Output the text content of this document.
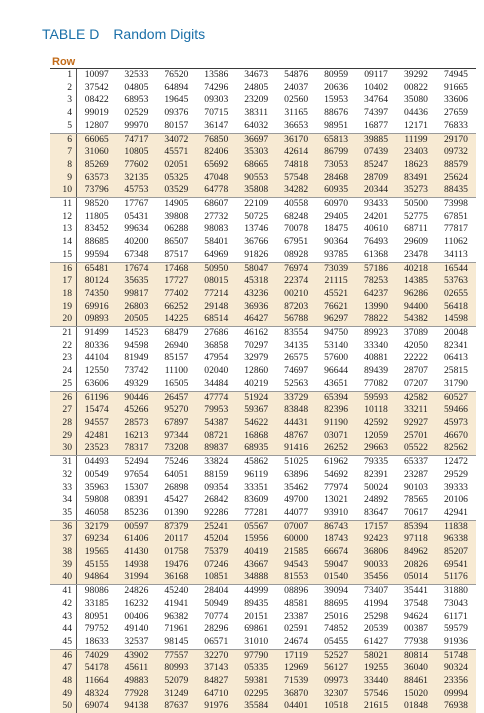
TABLE D Random Digits
Row
1	10097	32533	76520	13586	34673	54876	80959	09117	39292	74945
2	37542	04805	64894	74296	24805	24037	20636	10402	00822	91665
3	08422	68953	19645	09303	23209	02560	15953	34764	35080	33606
4	99019	02529	09376	70715	38311	31165	88676	74397	04436	27659
5	12807	99970	80157	36147	64032	36653	98951	16877	12171	76833
6	66065	74717	34072	76850	36697	36170	65813	39885	11199	29170
7	31060	10805	45571	82406	35303	42614	86799	07439	23403	09732
8	85269	77602	02051	65692	68665	74818	73053	85247	18623	88579
9	63573	32135	05325	47048	90553	57548	28468	28709	83491	25624
10	73796	45753	03529	64778	35808	34282	60935	20344	35273	88435
11	98520	17767	14905	68607	22109	40558	60970	93433	50500	73998
12	11805	05431	39808	27732	50725	68248	29405	24201	52775	67851
13	83452	99634	06288	98083	13746	70078	18475	40610	68711	77817
14	88685	40200	86507	58401	36766	67951	90364	76493	29609	11062
15	99594	67348	87517	64969	91826	08928	93785	61368	23478	34113
16	65481	17674	17468	50950	58047	76974	73039	57186	40218	16544
17	80124	35635	17727	08015	45318	22374	21115	78253	14385	53763
18	74350	99817	77402	77214	43236	00210	45521	64237	96286	02655
19	69916	26803	66252	29148	36936	87203	76621	13990	94400	56418
20	09893	20505	14225	68514	46427	56788	96297	78822	54382	14598
21	91499	14523	68479	27686	46162	83554	94750	89923	37089	20048
22	80336	94598	26940	36858	70297	34135	53140	33340	42050	82341
23	44104	81949	85157	47954	32979	26575	57600	40881	22222	06413
24	12550	73742	11100	02040	12860	74697	96644	89439	28707	25815
25	63606	49329	16505	34484	40219	52563	43651	77082	07207	31790
26	61196	90446	26457	47774	51924	33729	65394	59593	42582	60527
27	15474	45266	95270	79953	59367	83848	82396	10118	33211	59466
28	94557	28573	67897	54387	54622	44431	91190	42592	92927	45973
29	42481	16213	97344	08721	16868	48767	03071	12059	25701	46670
30	23523	78317	73208	89837	68935	91416	26252	29663	05522	82562
31	04493	52494	75246	33824	45862	51025	61962	79335	65337	12472
32	00549	97654	64051	88159	96119	63896	54692	82391	23287	29529
33	35963	15307	26898	09354	33351	35462	77974	50024	90103	39333
34	59808	08391	45427	26842	83609	49700	13021	24892	78565	20106
35	46058	85236	01390	92286	77281	44077	93910	83647	70617	42941
36	32179	00597	87379	25241	05567	07007	86743	17157	85394	11838
37	69234	61406	20117	45204	15956	60000	18743	92423	97118	96338
38	19565	41430	01758	75379	40419	21585	66674	36806	84962	85207
39	45155	14938	19476	07246	43667	94543	59047	90033	20826	69541
40	94864	31994	36168	10851	34888	81553	01540	35456	05014	51176
41	98086	24826	45240	28404	44999	08896	39094	73407	35441	31880
42	33185	16232	41941	50949	89435	48581	88695	41994	37548	73043
43	80951	00406	96382	70774	20151	23387	25016	25298	94624	61171
44	79752	49140	71961	28296	69861	02591	74852	20539	00387	59579
45	18633	32537	98145	06571	31010	24674	05455	61427	77938	91936
46	74029	43902	77557	32270	97790	17119	52527	58021	80814	51748
47	54178	45611	80993	37143	05335	12969	56127	19255	36040	90324
48	11664	49883	52079	84827	59381	71539	09973	33440	88461	23356
49	48324	77928	31249	64710	02295	36870	32307	57546	15020	09994
50	69074	94138	87637	91976	35584	04401	10518	21615	01848	76938
